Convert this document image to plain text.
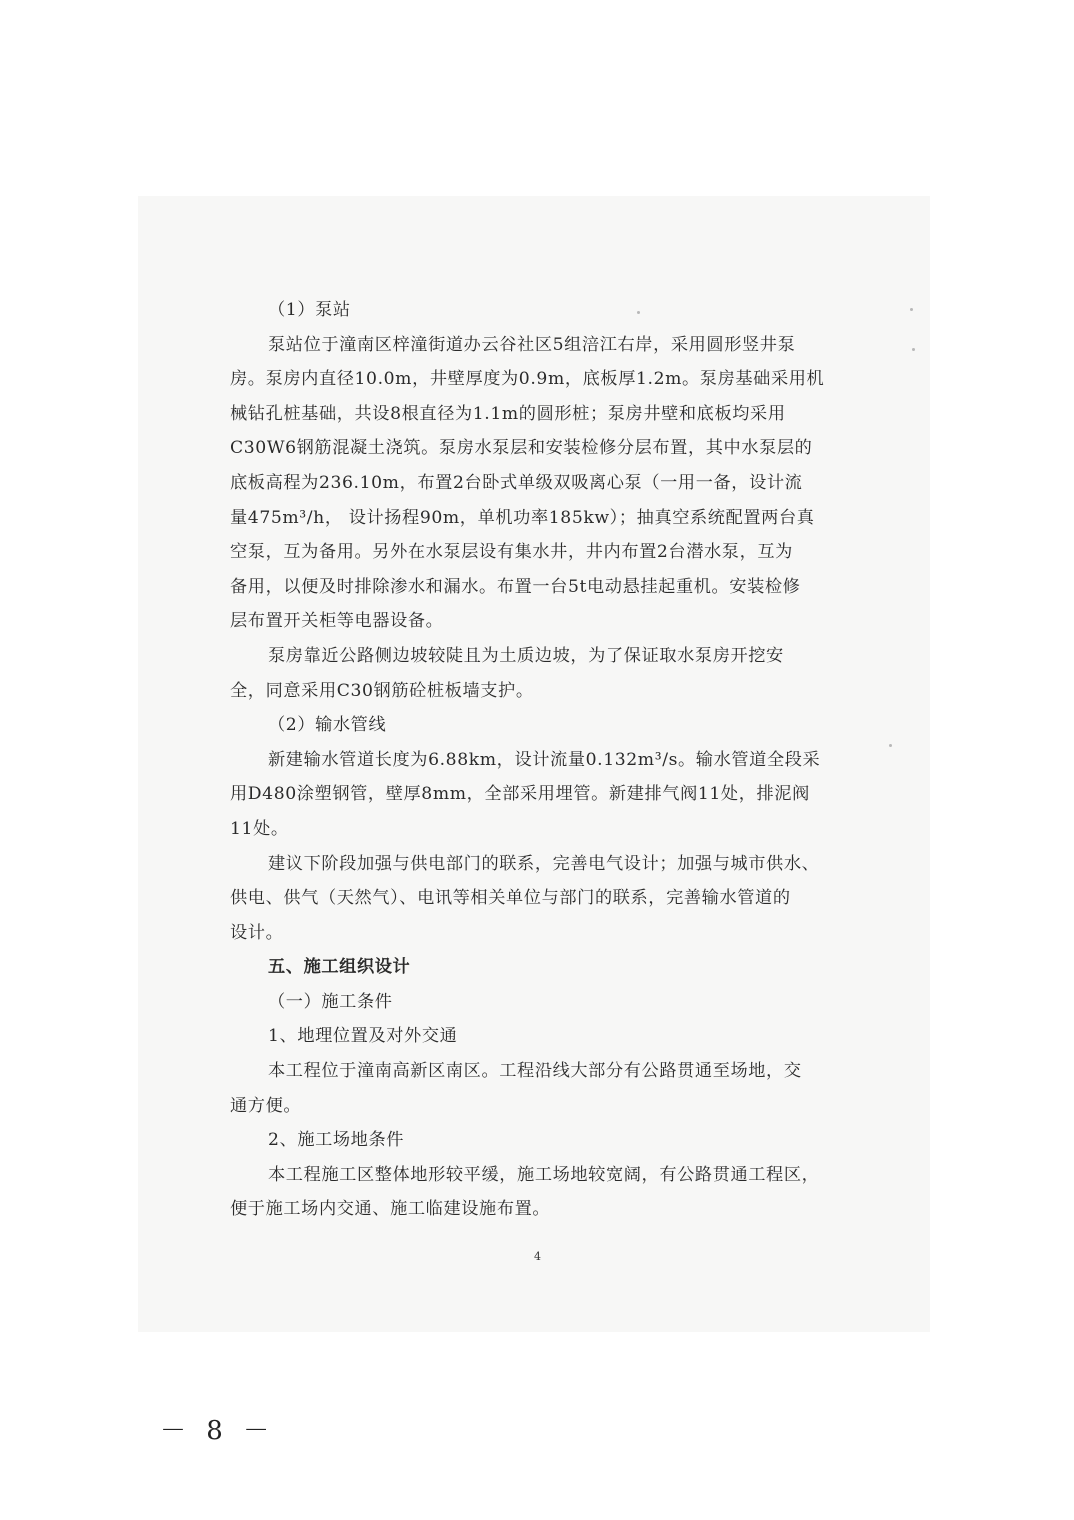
（1）泵站
泵站位于潼南区梓潼街道办云谷社区5组涪江右岸，采用圆形竖井泵
房。泵房内直径10.0m，井壁厚度为0.9m，底板厚1.2m。泵房基础采用机
械钻孔桩基础，共设8根直径为1.1m的圆形桩；泵房井壁和底板均采用
C30W6钢筋混凝土浇筑。泵房水泵层和安装检修分层布置，其中水泵层的
底板高程为236.10m，布置2台卧式单级双吸离心泵（一用一备，设计流
量475m³/h， 设计扬程90m，单机功率185kw）；抽真空系统配置两台真
空泵，互为备用。另外在水泵层设有集水井，井内布置2台潜水泵，互为
备用，以便及时排除渗水和漏水。布置一台5t电动悬挂起重机。安装检修
层布置开关柜等电器设备。
泵房靠近公路侧边坡较陡且为土质边坡，为了保证取水泵房开挖安
全，同意采用C30钢筋砼桩板墙支护。
（2）输水管线
新建输水管道长度为6.88km，设计流量0.132m³/s。输水管道全段采
用D480涂塑钢管，壁厚8mm，全部采用埋管。新建排气阀11处，排泥阀
11处。
建议下阶段加强与供电部门的联系，完善电气设计；加强与城市供水、
供电、供气（天然气）、电讯等相关单位与部门的联系，完善输水管道的
设计。
五、施工组织设计
（一）施工条件
1、地理位置及对外交通
本工程位于潼南高新区南区。工程沿线大部分有公路贯通至场地，交
通方便。
2、施工场地条件
本工程施工区整体地形较平缓，施工场地较宽阔，有公路贯通工程区，
便于施工场内交通、施工临建设施布置。
4
－ 8 －
